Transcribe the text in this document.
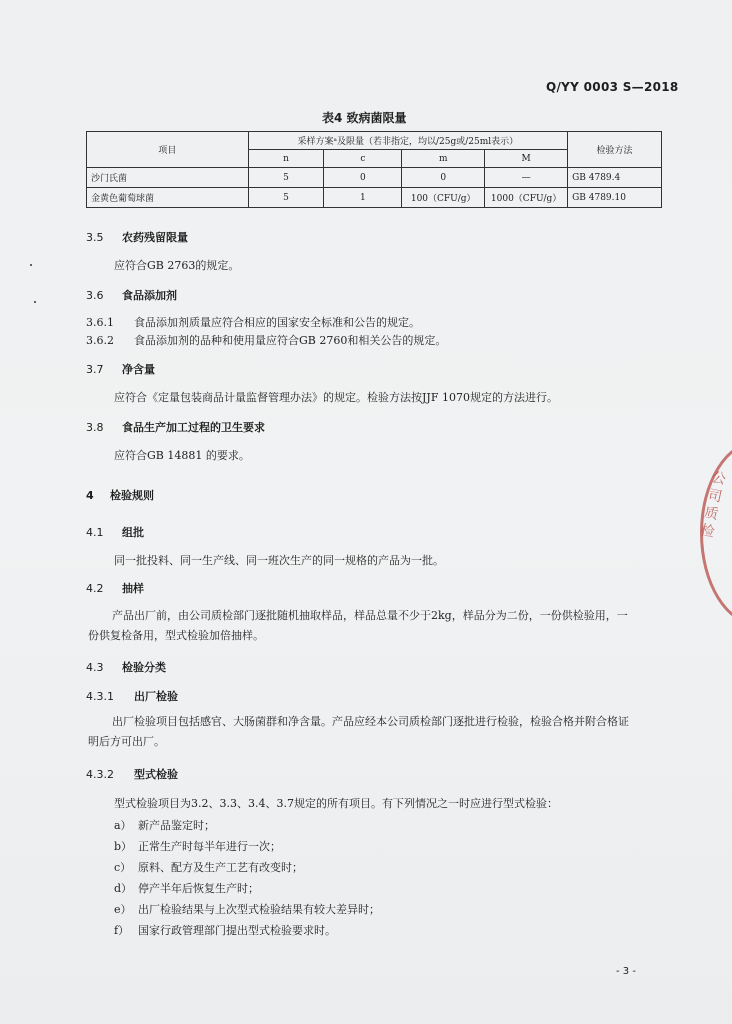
Q/YY 0003 S—2018
表4 致病菌限量
项目	采样方案ᵃ及限量（若非指定，均以/25g或/25ml表示）				检验方法
	n	c	m	M	
沙门氏菌	5	0	0	—	GB 4789.4
金黄色葡萄球菌	5	1	100（CFU/g）	1000（CFU/g）	GB 4789.10
3.5 农药残留限量
应符合GB 2763的规定。
3.6 食品添加剂
3.6.1 食品添加剂质量应符合相应的国家安全标准和公告的规定。
3.6.2 食品添加剂的品种和使用量应符合GB 2760和相关公告的规定。
3.7 净含量
应符合《定量包装商品计量监督管理办法》的规定。检验方法按JJF 1070规定的方法进行。
3.8 食品生产加工过程的卫生要求
应符合GB 14881 的要求。
4 检验规则
4.1 组批
同一批投料、同一生产线、同一班次生产的同一规格的产品为一批。
4.2 抽样
产品出厂前，由公司质检部门逐批随机抽取样品，样品总量不少于2kg，样品分为二份，一份供检验用，一份供复检备用，型式检验加倍抽样。
4.3 检验分类
4.3.1 出厂检验
出厂检验项目包括感官、大肠菌群和净含量。产品应经本公司质检部门逐批进行检验，检验合格并附合格证明后方可出厂。
4.3.2 型式检验
型式检验项目为3.2、3.3、3.4、3.7规定的所有项目。有下列情况之一时应进行型式检验：
a） 新产品鉴定时；
b） 正常生产时每半年进行一次；
c） 原料、配方及生产工艺有改变时；
d） 停产半年后恢复生产时；
e） 出厂检验结果与上次型式检验结果有较大差异时；
f） 国家行政管理部门提出型式检验要求时。
- 3 -
公司质检
